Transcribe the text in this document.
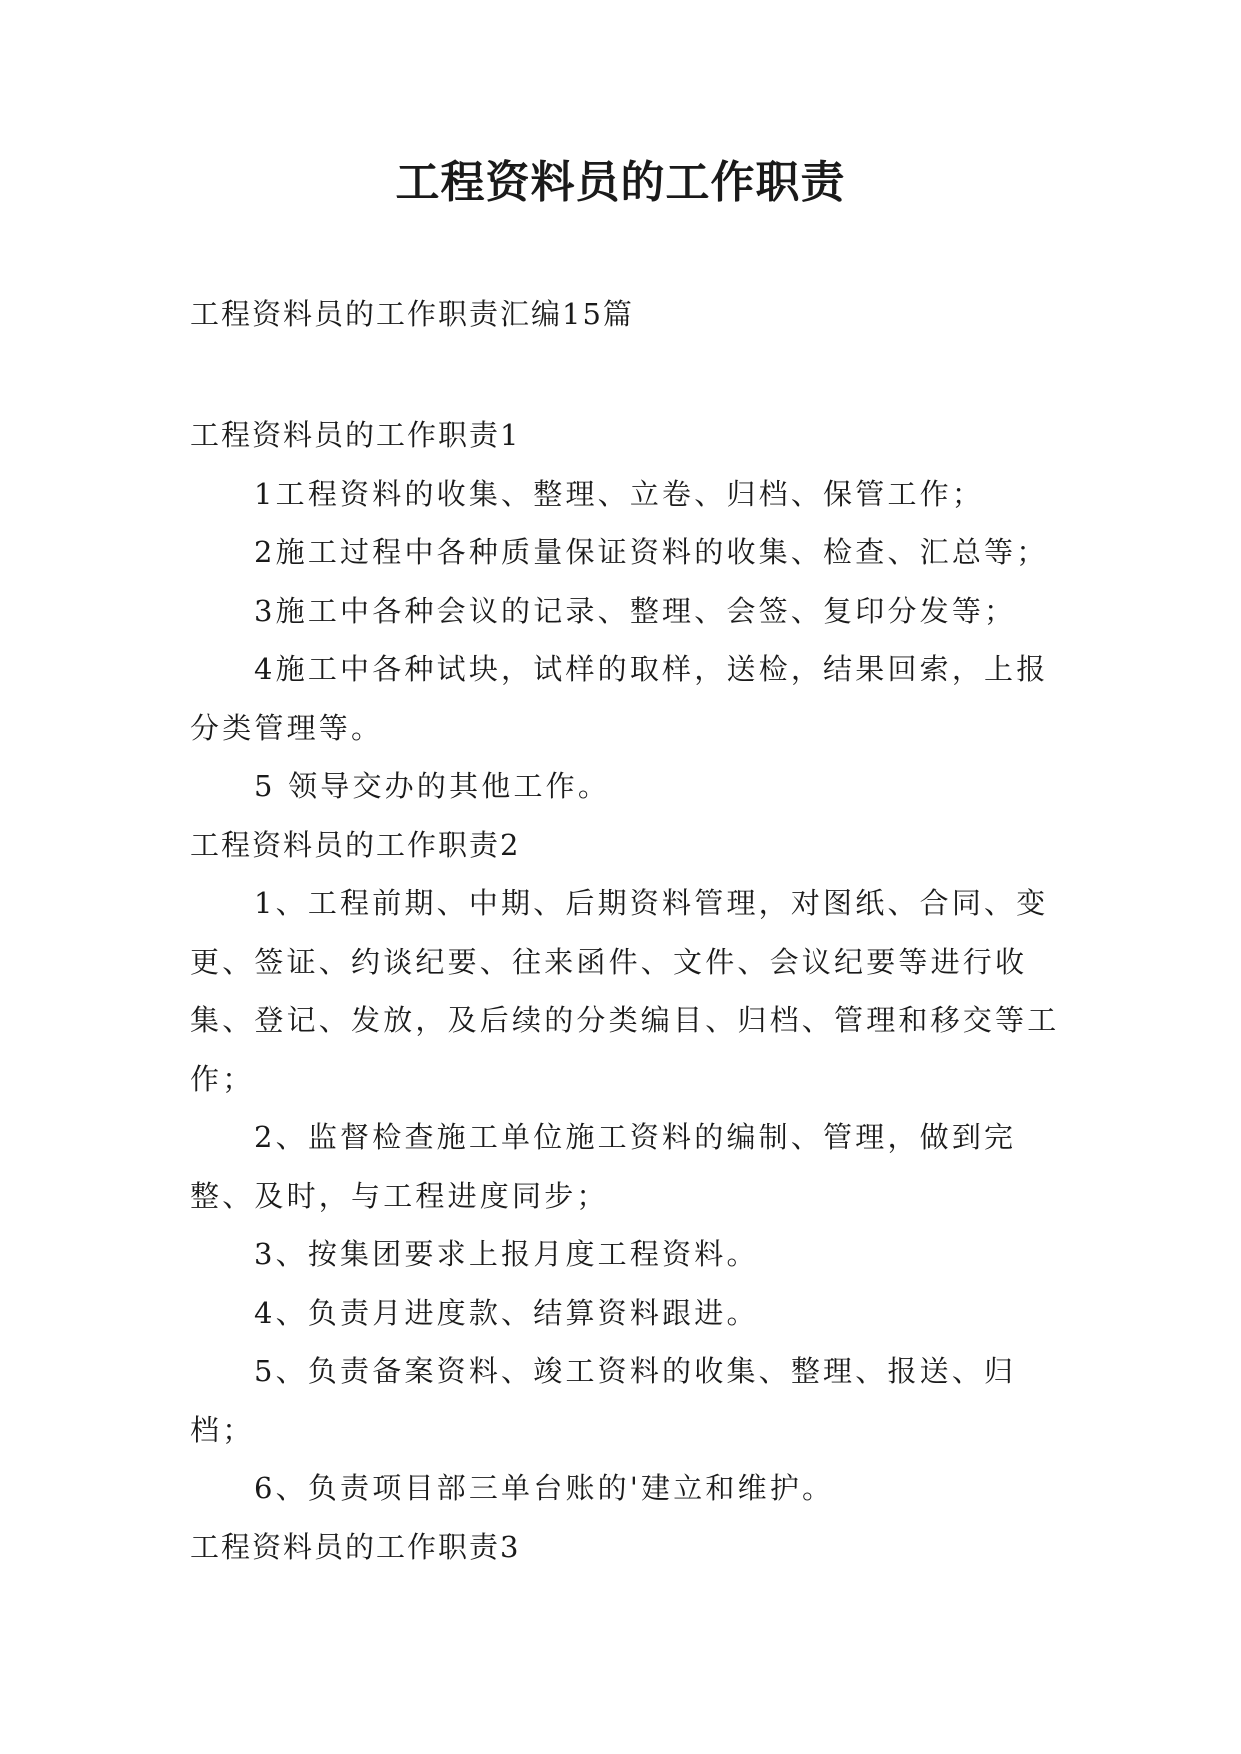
工程资料员的工作职责

工程资料员的工作职责汇编15篇

工程资料员的工作职责1

1工程资料的收集、整理、立卷、归档、保管工作；

2施工过程中各种质量保证资料的收集、检查、汇总等；

3施工中各种会议的记录、整理、会签、复印分发等；

4施工中各种试块，试样的取样，送检，结果回索，上报分类管理等。

5 领导交办的其他工作。

工程资料员的工作职责2

1、工程前期、中期、后期资料管理，对图纸、合同、变更、签证、约谈纪要、往来函件、文件、会议纪要等进行收集、登记、发放，及后续的分类编目、归档、管理和移交等工作；

2、监督检查施工单位施工资料的编制、管理，做到完整、及时，与工程进度同步；

3、按集团要求上报月度工程资料。

4、负责月进度款、结算资料跟进。

5、负责备案资料、竣工资料的收集、整理、报送、归档；

6、负责项目部三单台账的'建立和维护。

工程资料员的工作职责3
